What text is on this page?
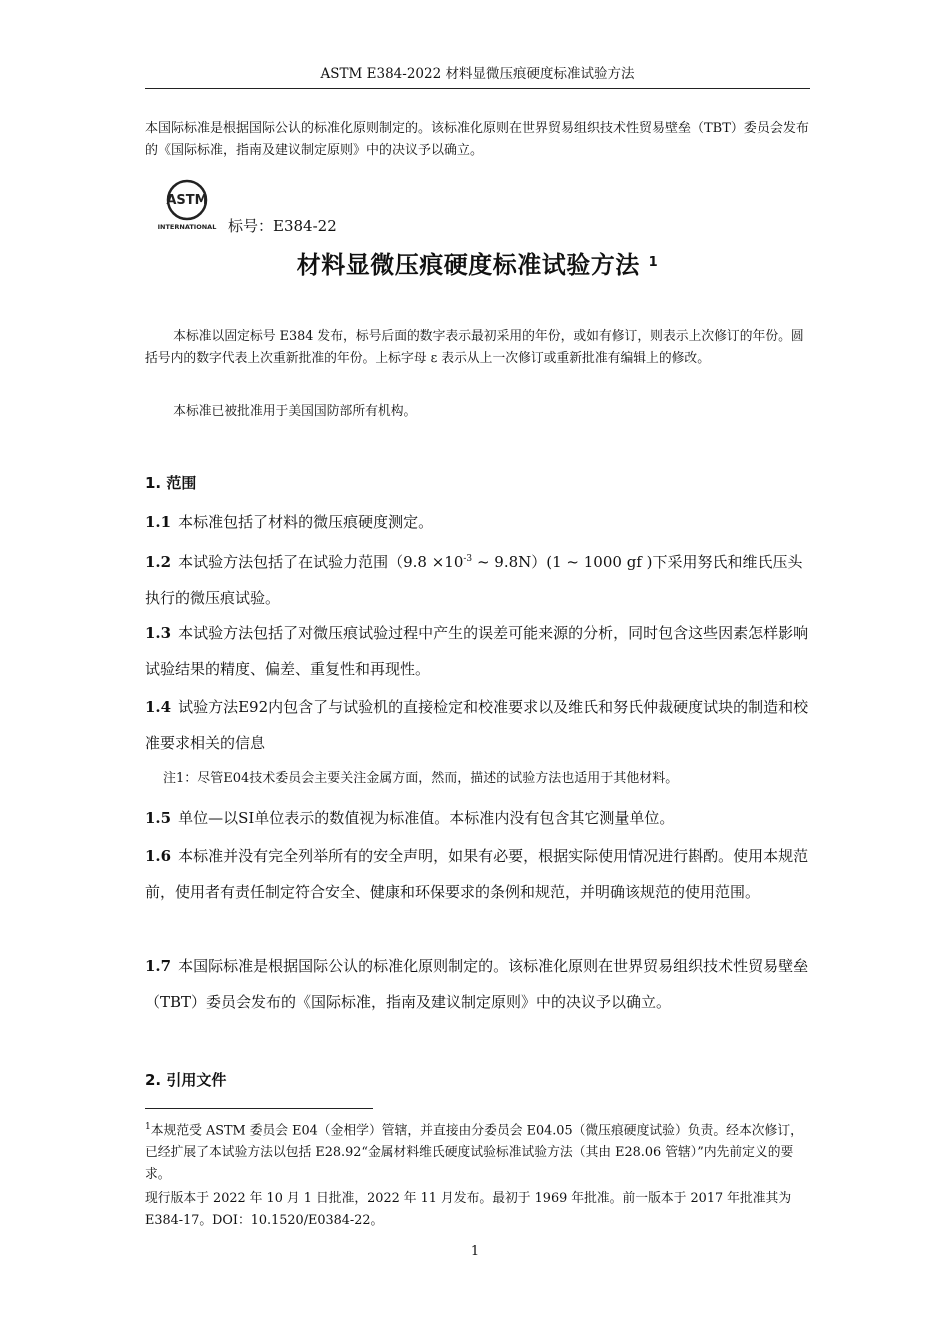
ASTM E384-2022 材料显微压痕硬度标准试验方法
本国际标准是根据国际公认的标准化原则制定的。该标准化原则在世界贸易组织技术性贸易壁垒（TBT）委员会发布的《国际标准，指南及建议制定原则》中的决议予以确立。
ASTM
INTERNATIONAL 标号：E384-22
材料显微压痕硬度标准试验方法 $^1$
本标准以固定标号 E384 发布，标号后面的数字表示最初采用的年份，或如有修订，则表示上次修订的年份。圆括号内的数字代表上次重新批准的年份。上标字母 ε 表示从上一次修订或重新批准有编辑上的修改。
本标准已被批准用于美国国防部所有机构。
1. 范围
1.1 本标准包括了材料的微压痕硬度测定。
1.2 本试验方法包括了在试验力范围（$9.8 \times 10^{-3}$ ~ 9.8N）(1 ~ 1000 gf )下采用努氏和维氏压头执行的微压痕试验。
1.3 本试验方法包括了对微压痕试验过程中产生的误差可能来源的分析，同时包含这些因素怎样影响试验结果的精度、偏差、重复性和再现性。
1.4 试验方法E92内包含了与试验机的直接检定和校准要求以及维氏和努氏仲裁硬度试块的制造和校准要求相关的信息
注1：尽管E04技术委员会主要关注金属方面，然而，描述的试验方法也适用于其他材料。
1.5 单位—以SI单位表示的数值视为标准值。本标准内没有包含其它测量单位。
1.6 本标准并没有完全列举所有的安全声明，如果有必要，根据实际使用情况进行斟酌。使用本规范前，使用者有责任制定符合安全、健康和环保要求的条例和规范，并明确该规范的使用范围。
1.7 本国际标准是根据国际公认的标准化原则制定的。该标准化原则在世界贸易组织技术性贸易壁垒（TBT）委员会发布的《国际标准，指南及建议制定原则》中的决议予以确立。
2. 引用文件
$^1$本规范受 ASTM 委员会 E04（金相学）管辖，并直接由分委员会 E04.05（微压痕硬度试验）负责。经本次修订，已经扩展了本试验方法以包括 E28.92“金属材料维氏硬度试验标准试验方法（其由 E28.06 管辖）”内先前定义的要求。
现行版本于 2022 年 10 月 1 日批准，2022 年 11 月发布。最初于 1969 年批准。前一版本于 2017 年批准其为 E384-17。DOI：10.1520/E0384-22。
1
